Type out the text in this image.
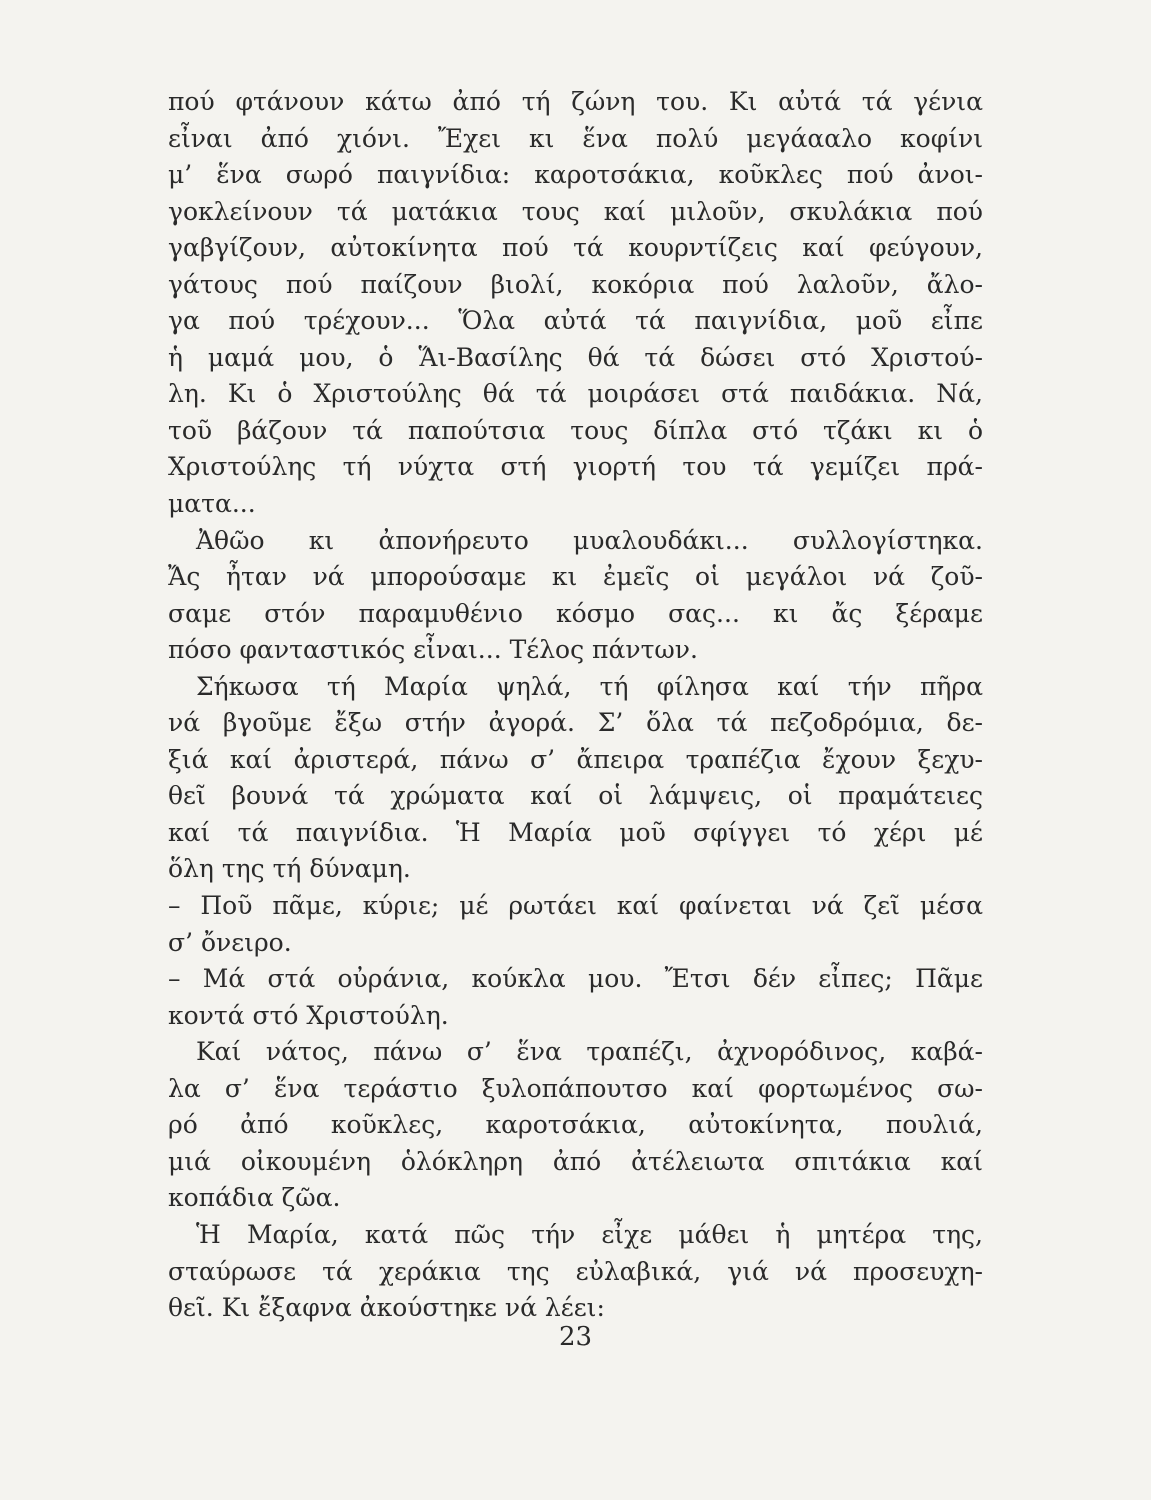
πού φτάνουν κάτω ἀπό τή ζώνη του. Κι αὐτά τά γένια
εἶναι ἀπό χιόνι. Ἔχει κι ἕνα πολύ μεγάααλο κοφίνι
μ’ ἕνα σωρό παιγνίδια: καροτσάκια, κοῦκλες πού ἀνοι-
γοκλείνουν τά ματάκια τους καί μιλοῦν, σκυλάκια πού
γαβγίζουν, αὐτοκίνητα πού τά κουρντίζεις καί φεύγουν,
γάτους πού παίζουν βιολί, κοκόρια πού λαλοῦν, ἄλο-
γα πού τρέχουν... Ὅλα αὐτά τά παιγνίδια, μοῦ εἶπε
ἡ μαμά μου, ὁ Ἅι-Βασίλης θά τά δώσει στό Χριστού-
λη. Κι ὁ Χριστούλης θά τά μοιράσει στά παιδάκια. Νά,
τοῦ βάζουν τά παπούτσια τους δίπλα στό τζάκι κι ὁ
Χριστούλης τή νύχτα στή γιορτή του τά γεμίζει πρά-
ματα...
Ἀθῶο κι ἀπονήρευτο μυαλουδάκι... συλλογίστηκα.
Ἄς ἦταν νά μπορούσαμε κι ἐμεῖς οἱ μεγάλοι νά ζοῦ-
σαμε στόν παραμυθένιο κόσμο σας... κι ἄς ξέραμε
πόσο φανταστικός εἶναι... Τέλος πάντων.
Σήκωσα τή Μαρία ψηλά, τή φίλησα καί τήν πῆρα
νά βγοῦμε ἔξω στήν ἀγορά. Σ’ ὅλα τά πεζοδρόμια, δε-
ξιά καί ἀριστερά, πάνω σ’ ἄπειρα τραπέζια ἔχουν ξεχυ-
θεῖ βουνά τά χρώματα καί οἱ λάμψεις, οἱ πραμάτειες
καί τά παιγνίδια. Ἡ Μαρία μοῦ σφίγγει τό χέρι μέ
ὅλη της τή δύναμη.
– Ποῦ πᾶμε, κύριε; μέ ρωτάει καί φαίνεται νά ζεῖ μέσα
σ’ ὄνειρο.
– Μά στά οὐράνια, κούκλα μου. Ἔτσι δέν εἶπες; Πᾶμε
κοντά στό Χριστούλη.
Καί νάτος, πάνω σ’ ἕνα τραπέζι, ἀχνορόδινος, καβά-
λα σ’ ἕνα τεράστιο ξυλοπάπουτσο καί φορτωμένος σω-
ρό ἀπό κοῦκλες, καροτσάκια, αὐτοκίνητα, πουλιά,
μιά οἰκουμένη ὁλόκληρη ἀπό ἀτέλειωτα σπιτάκια καί
κοπάδια ζῶα.
Ἡ Μαρία, κατά πῶς τήν εἶχε μάθει ἡ μητέρα της,
σταύρωσε τά χεράκια της εὐλαβικά, γιά νά προσευχη-
θεῖ. Κι ἔξαφνα ἀκούστηκε νά λέει:
23
